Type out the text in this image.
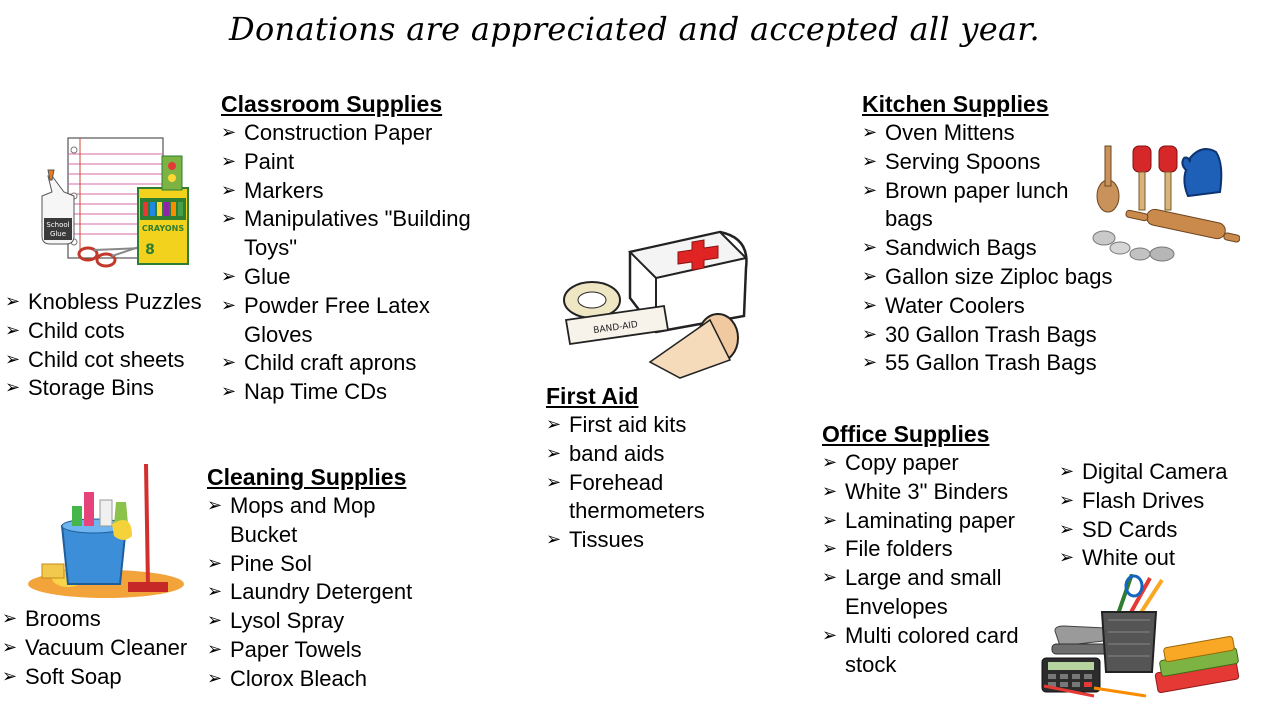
Donations are appreciated and accepted all year.
School
Glue
CRAYONS
8
Classroom Supplies
➢ Construction Paper
➢ Paint
➢ Markers
➢ Manipulatives "Building
Toys"
➢ Glue
➢ Powder Free Latex
Gloves
➢ Child craft aprons
➢ Nap Time CDs
➢ Knobless Puzzles
➢ Child cots
➢ Child cot sheets
➢ Storage Bins
Cleaning Supplies
➢ Mops and Mop
Bucket
➢ Pine Sol
➢ Laundry Detergent
➢ Lysol Spray
➢ Paper Towels
➢ Clorox Bleach
➢ Brooms
➢ Vacuum Cleaner
➢ Soft Soap
BAND-AID
First Aid
➢ First aid kits
➢ band aids
➢ Forehead
thermometers
➢ Tissues
Kitchen Supplies
➢ Oven Mittens
➢ Serving Spoons
➢ Brown paper lunch
bags
➢ Sandwich Bags
➢ Gallon size Ziploc bags
➢ Water Coolers
➢ 30 Gallon Trash Bags
➢ 55 Gallon Trash Bags
Office Supplies
➢ Copy paper
➢ White 3" Binders
➢ Laminating paper
➢ File folders
➢ Large and small
Envelopes
➢ Multi colored card
stock
➢ Digital Camera
➢ Flash Drives
➢ SD Cards
➢ White out
